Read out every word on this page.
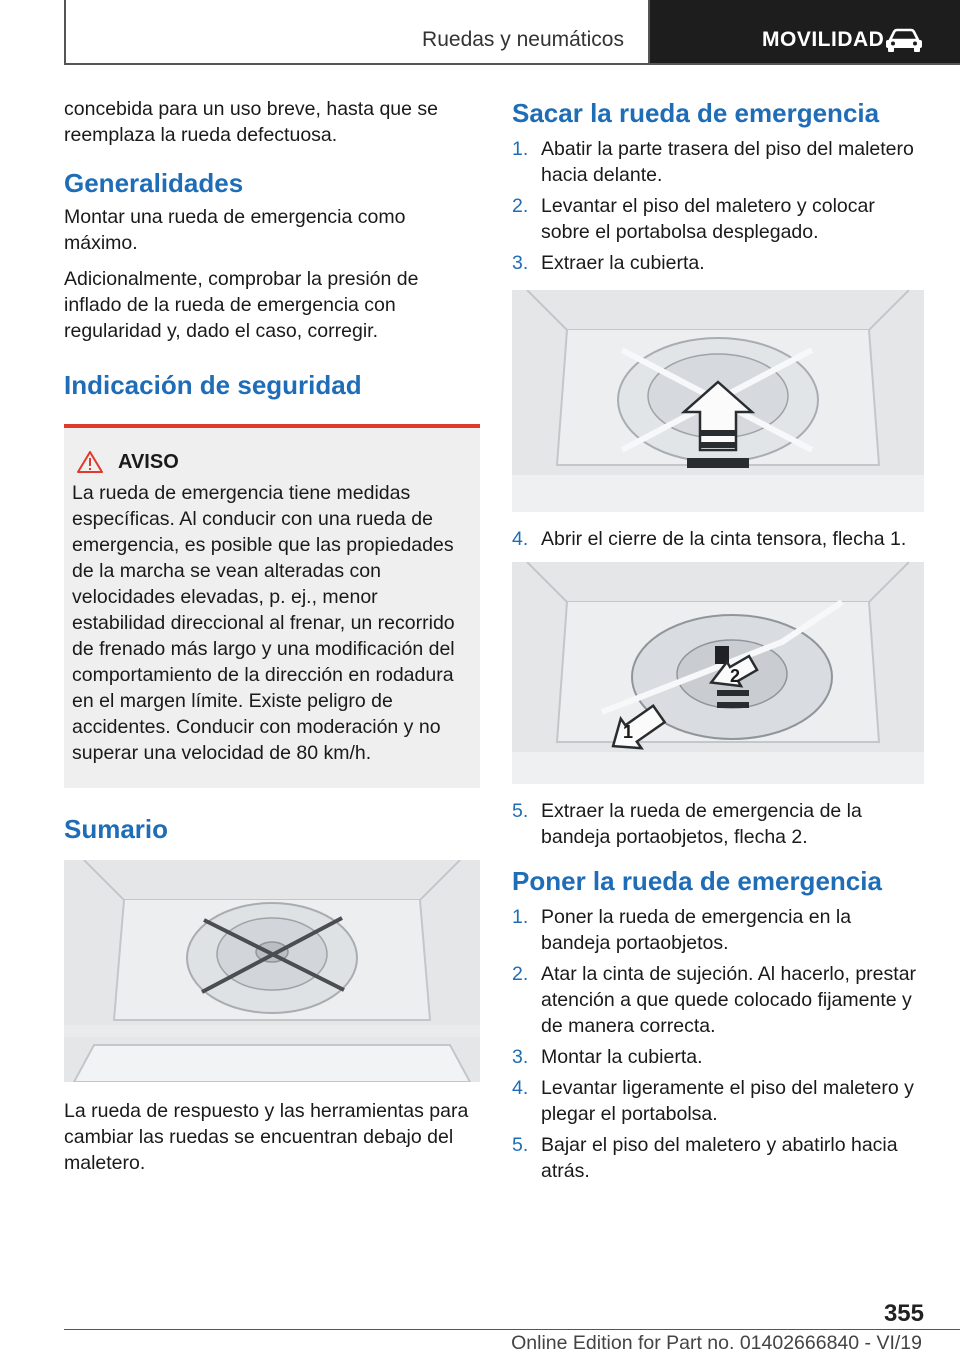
Ruedas y neumáticos	MOVILIDAD

concebida para un uso breve, hasta que se reemplaza la rueda defectuosa.

Generalidades

Montar una rueda de emergencia como máximo.

Adicionalmente, comprobar la presión de inflado de la rueda de emergencia con regularidad y, dado el caso, corregir.

Indicación de seguridad
AVISO
La rueda de emergencia tiene medidas específicas. Al conducir con una rueda de emergencia, es posible que las propiedades de la marcha se vean alteradas con velocidades elevadas, p. ej., menor estabilidad direccional al frenar, un recorrido de frenado más largo y una modificación del comportamiento de la dirección en rodadura en el margen límite. Existe peligro de accidentes. Conducir con moderación y no superar una velocidad de 80 km/h.
Sumario

La rueda de respuesto y las herramientas para cambiar las ruedas se encuentran debajo del maletero.

Sacar la rueda de emergencia
1. Abatir la parte trasera del piso del maletero hacia delante.
2. Levantar el piso del maletero y colocar sobre el portabolsa desplegado.
3. Extraer la cubierta.
4. Abrir el cierre de la cinta tensora, flecha 1.
1
2
5. Extraer la rueda de emergencia de la bandeja portaobjetos, flecha 2.
Poner la rueda de emergencia
1. Poner la rueda de emergencia en la bandeja portaobjetos.
2. Atar la cinta de sujeción. Al hacerlo, prestar atención a que quede colocado fijamente y de manera correcta.
3. Montar la cubierta.
4. Levantar ligeramente el piso del maletero y plegar el portabolsa.
5. Bajar el piso del maletero y abatirlo hacia atrás.
355
Online Edition for Part no. 01402666840 - VI/19
